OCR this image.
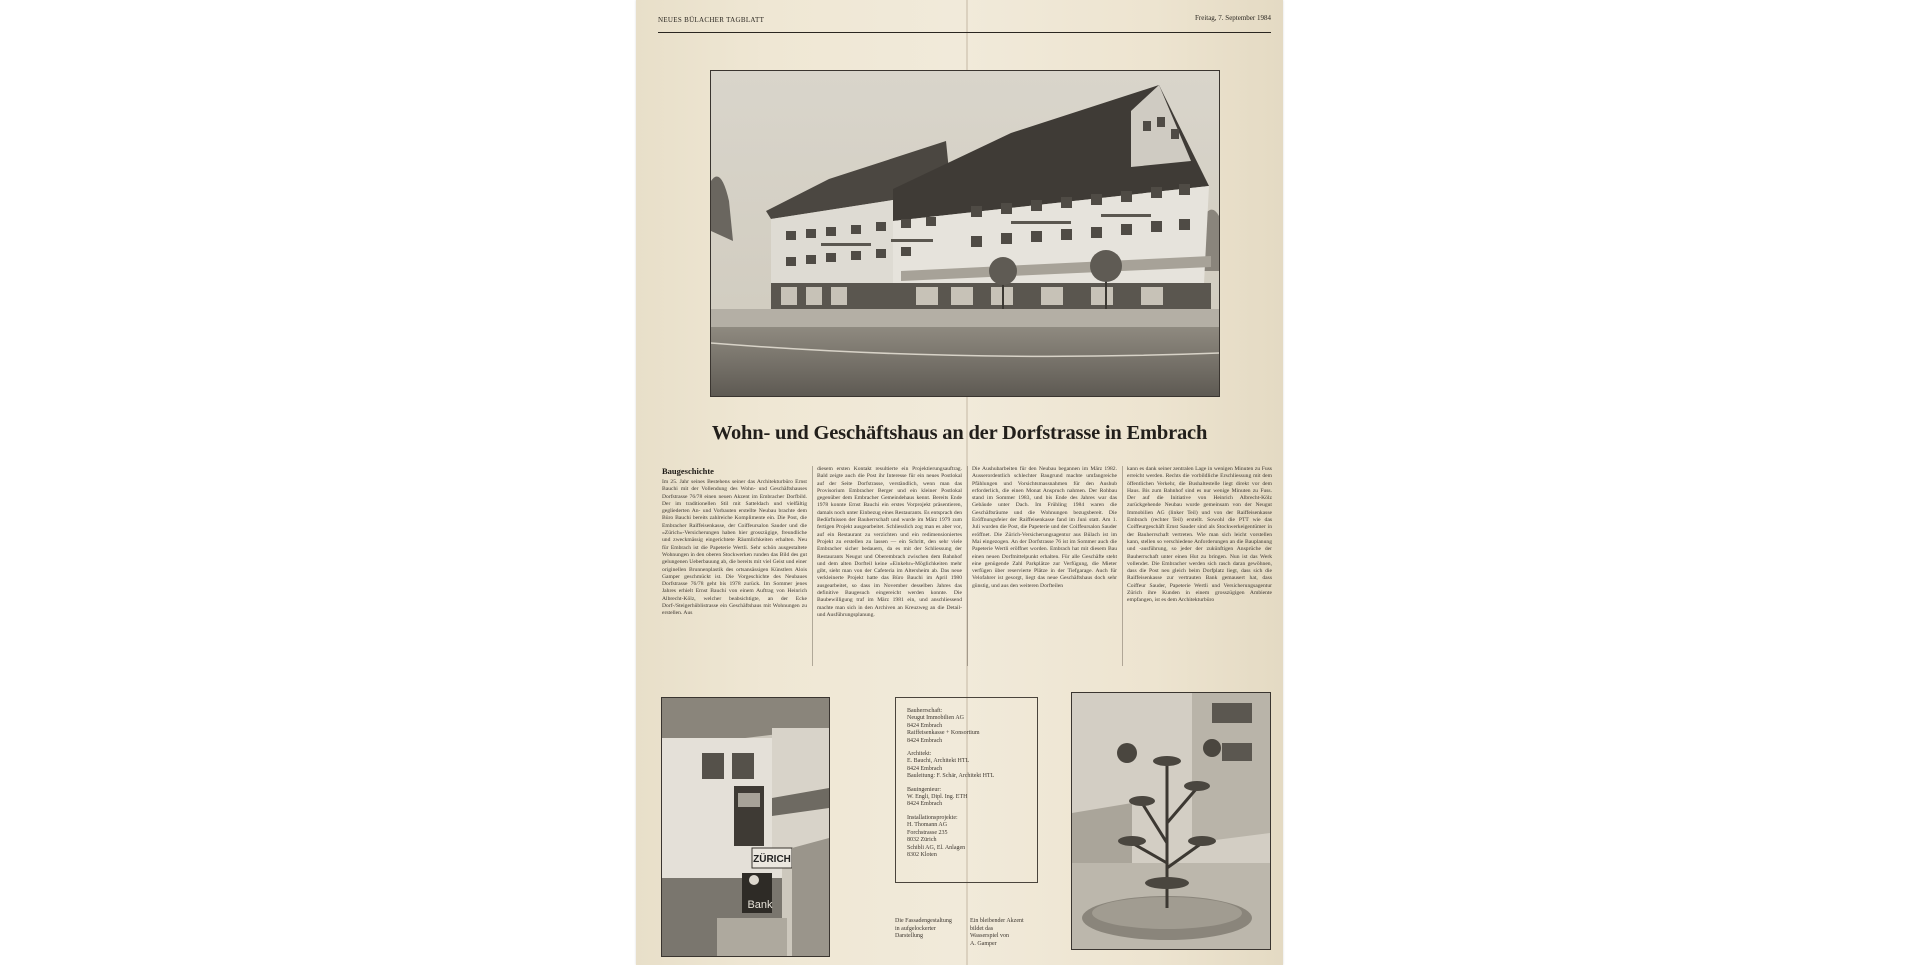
NEUES BÜLACHER TAGBLATT	Freitag, 7. September 1984
Wohn- und Geschäftshaus an der Dorfstrasse in Embrach
Baugeschichte

Im 25. Jahr seines Bestehens seiner das Architekturbüro Ernst Bauchi mit der Vollendung des Wohn- und Geschäftshauses Dorfstrasse 76/78 einen neuen Akzent im Embracher Dorfbild. Der im traditionellen Stil mit Satteldach und vielfältig gegliederten An- und Vorbauten erstellte Neubau brachte dem Büro Bauchi bereits zahlreiche Komplimente ein. Die Post, die Embracher Raiffeisenkasse, der Coiffeursalon Sauder und die «Zürich»-Versicherungen haben hier grosszügige, freundliche und zweckmässig eingerichtete Räumlichkeiten erhalten. Neu für Embrach ist die Papeterie Wertli. Sehr schön ausgestaltete Wohnungen in den oberen Stockwerken runden das Bild des gut gelungenen Ueberbauung ab, die bereits mit viel Geist und einer originellen Brunnenplastik des ortsansässigen Künstlers Alois Gamper geschmückt ist. Die Vorgeschichte des Neubaues Dorfstrasse 76/78 geht bis 1978 zurück. Im Sommer jenes Jahres erhielt Ernst Bauchi von einem Auftrag von Heinrich Albrecht-Kölz, welcher beabsichtigte, an der Ecke Dorf-/Steigerhüblistrasse ein Geschäftshaus mit Wohnungen zu erstellen. Aus

diesem ersten Kontakt resultierte ein Projektierungsauftrag. Bald zeigte auch die Post ihr Interesse für ein neues Postlokal auf der Seite Dorfstrasse, verständlich, wenn man das Provisorium Embracher Berger und ein kleiner Postlokal gegenüber dem Embracher Gemeindehaus kennt. Bereits Ende 1978 konnte Ernst Bauchi ein erstes Vorprojekt präsentieren, damals noch unter Einbezug eines Restaurants. Es entsprach den Bedürfnissen der Bauherrschaft und wurde im März 1979 zum fertigen Projekt ausgearbeitet. Schliesslich zog man es aber vor, auf ein Restaurant zu verzichten und ein redimensioniertes Projekt zu erstellen zu lassen — ein Schritt, den sehr viele Embracher sicher bedauern, da es mit der Schliessung der Restaurants Neugut und Oberembrach zwischen dem Bahnhof und dem alten Dorfteil keine «Einkehr»-Möglichkeiten mehr gibt, sieht man von der Cafeteria im Altersheim ab. Das neue verkleinerte Projekt hatte das Büro Bauchi im April 1980 ausgearbeitet, so dass im November desselben Jahres das definitive Baugesuch eingereicht werden konnte. Die Baubewilligung traf im März 1981 ein, und anschliessend machte man sich in den Archiven an Kreuzweg an die Detail- und Ausführungsplanung.

Die Aushubarbeiten für den Neubau begannen im März 1982. Ausserordentlich schlechter Baugrund machte umfangreiche Pfählungen und Vorsichtsmassnahmen für den Aushub erforderlich, die einen Monat Anspruch nahmen. Der Rohbau stand im Sommer 1983, und bis Ende des Jahres war das Gebäude unter Dach. Im Frühling 1984 waren die Geschäftsräume und die Wohnungen bezugsbereit. Die Eröffnungsfeier der Raiffeisenkasse fand im Juni statt. Am 1. Juli wurden die Post, die Papeterie und der Coiffeursalon Sauder eröffnet. Die Zürich-Versicherungsagentur aus Bülach ist im Mai eingezogen. An der Dorfstrasse 76 ist im Sommer auch die Papeterie Wertli eröffnet worden. Embrach hat mit diesem Bau einen neuen Dorfmittelpunkt erhalten. Für alle Geschäfte steht eine genügende Zahl Parkplätze zur Verfügung, die Mieter verfügen über reservierte Plätze in der Tiefgarage. Auch für Velofahrer ist gesorgt, liegt das neue Geschäftshaus doch sehr günstig, und aus den weiteren Dorfteilen

kann es dank seiner zentralen Lage in wenigen Minuten zu Fuss erreicht werden. Rechts die vorbildliche Erschliessung mit dem öffentlichen Verkehr, die Bushaltestelle liegt direkt vor dem Haus. Bis zum Bahnhof sind es nur wenige Minuten zu Fuss. Der auf die Initiative von Heinrich Albrecht-Kölz zurückgehende Neubau wurde gemeinsam von der Neugut Immobilien AG (linker Teil) und von der Raiffeisenkasse Embrach (rechter Teil) erstellt. Sowohl die PTT wie das Coiffeurgeschäft Ernst Sauder sind als Stockwerkeigentümer in der Bauherrschaft vertreten. Wie man sich leicht vorstellen kann, stellen so verschiedene Anforderungen an die Bauplanung und -ausführung, so jeder der zukünftigen Ansprüche der Bauherrschaft unter einen Hut zu bringen. Nun ist das Werk vollendet. Die Embracher werden sich rasch daran gewöhnen, dass die Post neu gleich beim Dorfplatz liegt, dass sich die Raiffeisenkasse zur vertrauten Bank gemausert hat, dass Coiffeur Sauder, Papeterie Wertli und Versicherungsagentur Zürich ihre Kunden in einem grosszügigen Ambiente empfangen, ist es dem Architekturbüro

ZÜRICH
Bank
Bauherrschaft:
Neugut Immobilien AG
8424 Embrach
Raiffeisenkasse + Konsortium
8424 Embrach
Architekt:
E. Bauchi, Architekt HTL
8424 Embrach
Bauleitung: F. Schär, Architekt HTL
Bauingenieur:
W. Engli, Dipl. Ing. ETH
8424 Embrach
Installationsprojekte:
H. Thomann AG
Forchstrasse 235
8032 Zürich
Schibli AG, El. Anlagen
8302 Kloten
Die Fassadengestaltung
in aufgelockerter
Darstellung
Ein bleibender Akzent
bildet das
Wasserspiel von
A. Gamper
